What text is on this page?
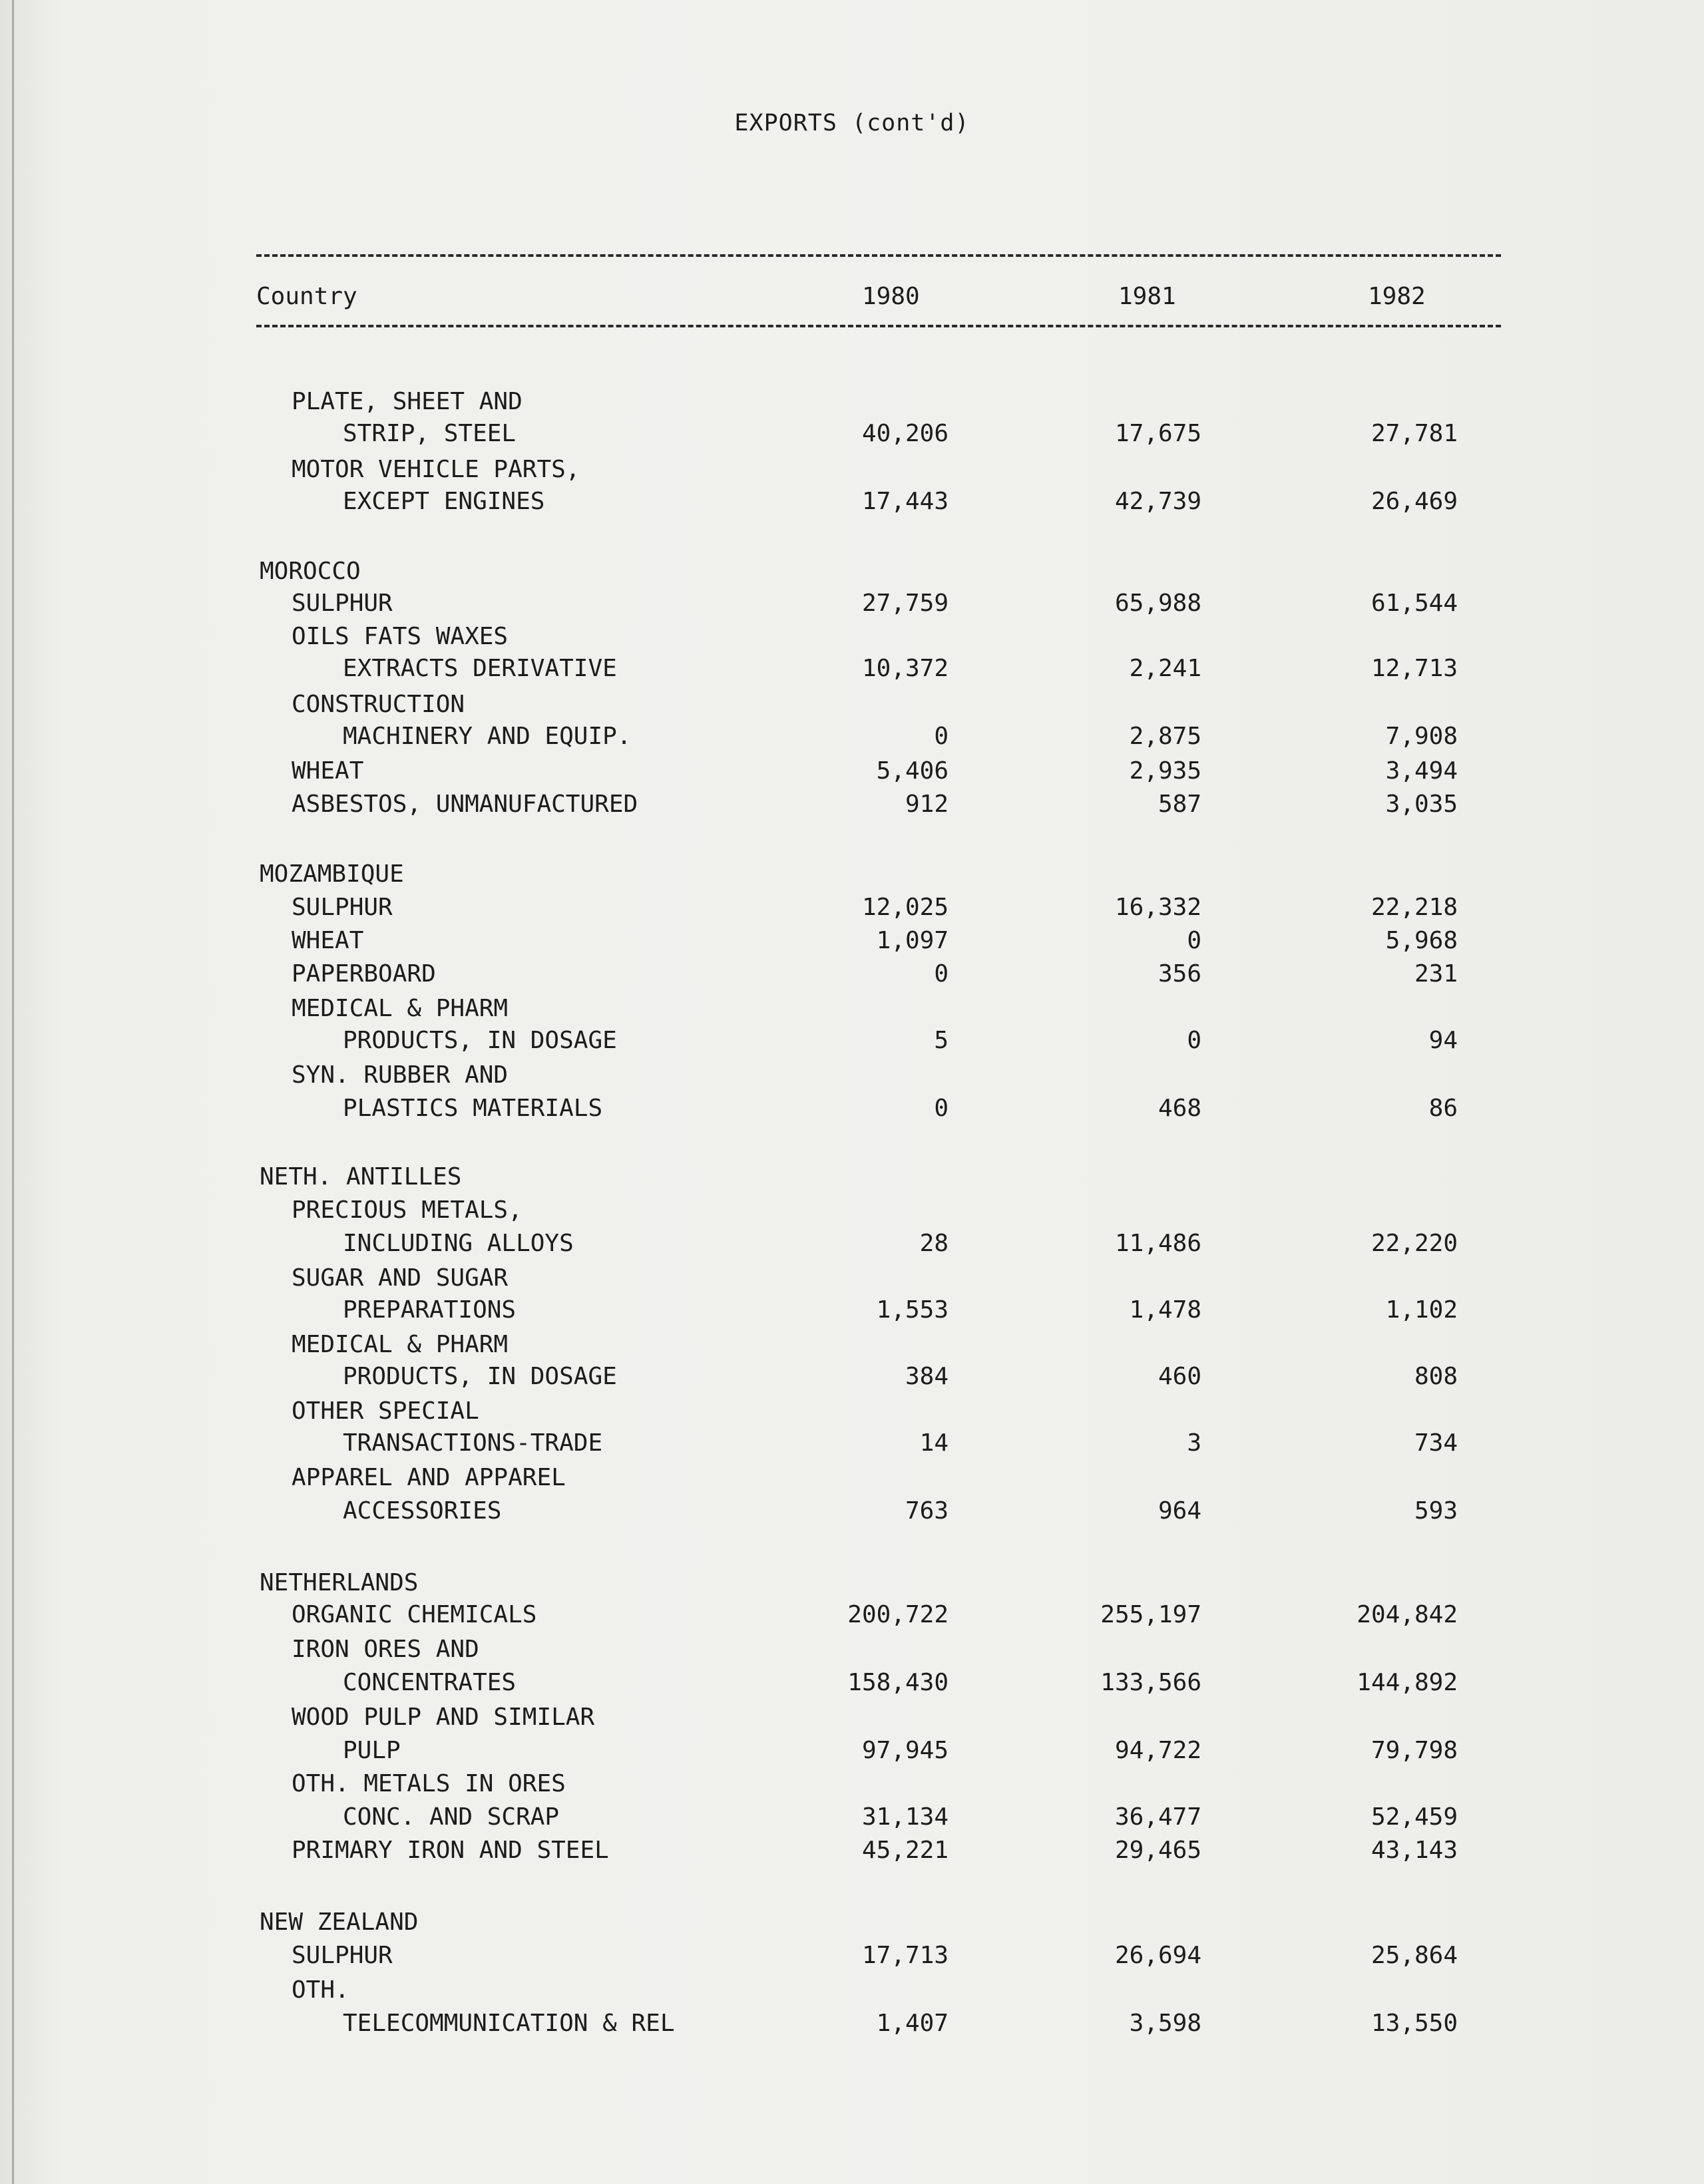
EXPORTS (cont'd)
Country	1980	1981	1982
PLATE, SHEET AND
STRIP, STEEL	40,206	17,675	27,781
MOTOR VEHICLE PARTS,
EXCEPT ENGINES	17,443	42,739	26,469
MOROCCO
SULPHUR	27,759	65,988	61,544
OILS FATS WAXES
EXTRACTS DERIVATIVE	10,372	2,241	12,713
CONSTRUCTION
MACHINERY AND EQUIP.	0	2,875	7,908
WHEAT	5,406	2,935	3,494
ASBESTOS, UNMANUFACTURED	912	587	3,035
MOZAMBIQUE
SULPHUR	12,025	16,332	22,218
WHEAT	1,097	0	5,968
PAPERBOARD	0	356	231
MEDICAL & PHARM
PRODUCTS, IN DOSAGE	5	0	94
SYN. RUBBER AND
PLASTICS MATERIALS	0	468	86
NETH. ANTILLES
PRECIOUS METALS,
INCLUDING ALLOYS	28	11,486	22,220
SUGAR AND SUGAR
PREPARATIONS	1,553	1,478	1,102
MEDICAL & PHARM
PRODUCTS, IN DOSAGE	384	460	808
OTHER SPECIAL
TRANSACTIONS-TRADE	14	3	734
APPAREL AND APPAREL
ACCESSORIES	763	964	593
NETHERLANDS
ORGANIC CHEMICALS	200,722	255,197	204,842
IRON ORES AND
CONCENTRATES	158,430	133,566	144,892
WOOD PULP AND SIMILAR
PULP	97,945	94,722	79,798
OTH. METALS IN ORES
CONC. AND SCRAP	31,134	36,477	52,459
PRIMARY IRON AND STEEL	45,221	29,465	43,143
NEW ZEALAND
SULPHUR	17,713	26,694	25,864
OTH.
TELECOMMUNICATION & REL	1,407	3,598	13,550
